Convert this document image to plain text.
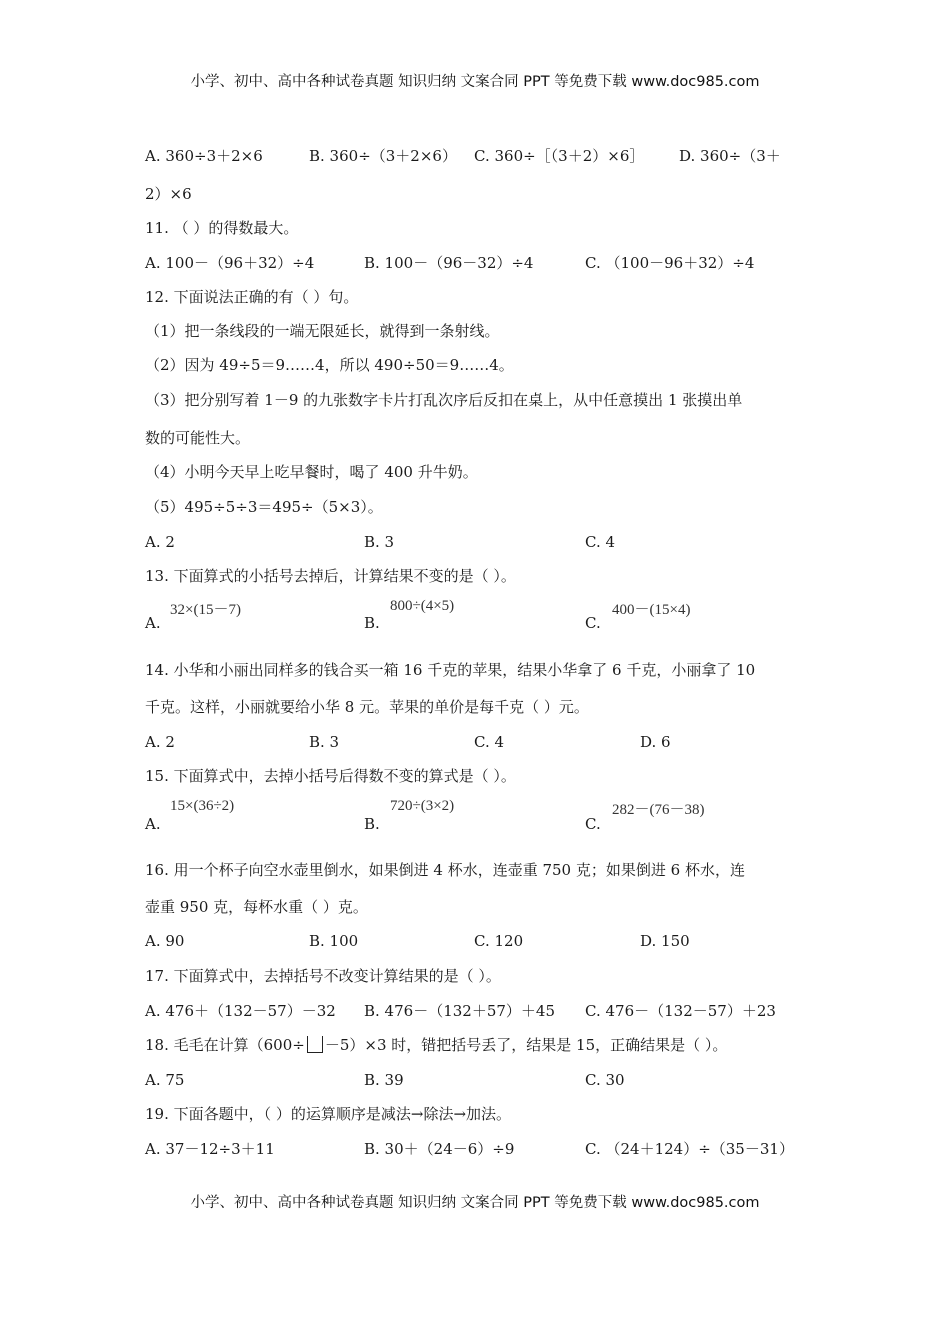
小学、初中、高中各种试卷真题 知识归纳 文案合同 PPT 等免费下载 www.doc985.com
A. 360÷3＋2×6	B. 360÷（3＋2×6） C. 360÷［（3＋2）×6］ D. 360÷（3＋
2）×6
11. （ ）的得数最大。
A. 100－（96＋32）÷4	B. 100－（96－32）÷4	C. （100－96＋32）÷4
12. 下面说法正确的有（ ）句。
（1）把一条线段的一端无限延长，就得到一条射线。
（2）因为 49÷5＝9……4，所以 490÷50＝9……4。
（3）把分别写着 1－9 的九张数字卡片打乱次序后反扣在桌上，从中任意摸出 1 张摸出单
数的可能性大。
（4）小明今天早上吃早餐时，喝了 400 升牛奶。
（5）495÷5÷3＝495÷（5×3）。
A. 2	B. 3	C. 4
13. 下面算式的小括号去掉后，计算结果不变的是（ ）。
32×(15－7)	800÷(4×5)	400－(15×4)
A.	B.	C.
14. 小华和小丽出同样多的钱合买一箱 16 千克的苹果，结果小华拿了 6 千克，小丽拿了 10
千克。这样，小丽就要给小华 8 元。苹果的单价是每千克（ ）元。
A. 2	B. 3	C. 4	D. 6
15. 下面算式中，去掉小括号后得数不变的算式是（ ）。
15×(36÷2)	720÷(3×2)	282－(76－38)
A.	B.	C.
16. 用一个杯子向空水壶里倒水，如果倒进 4 杯水，连壶重 750 克；如果倒进 6 杯水，连
壶重 950 克，每杯水重（ ）克。
A. 90	B. 100	C. 120	D. 150
17. 下面算式中，去掉括号不改变计算结果的是（ ）。
A. 476＋（132－57）－32 B. 476－（132＋57）＋45 C. 476－（132－57）＋23
18. 毛毛在计算（600÷ －5）×3 时，错把括号丢了，结果是 15，正确结果是（ ）。
A. 75	B. 39	C. 30
19. 下面各题中，（ ）的运算顺序是减法→除法→加法。
A. 37－12÷3＋11	B. 30＋（24－6）÷9	C. （24＋124）÷（35－31）
小学、初中、高中各种试卷真题 知识归纳 文案合同 PPT 等免费下载 www.doc985.com
